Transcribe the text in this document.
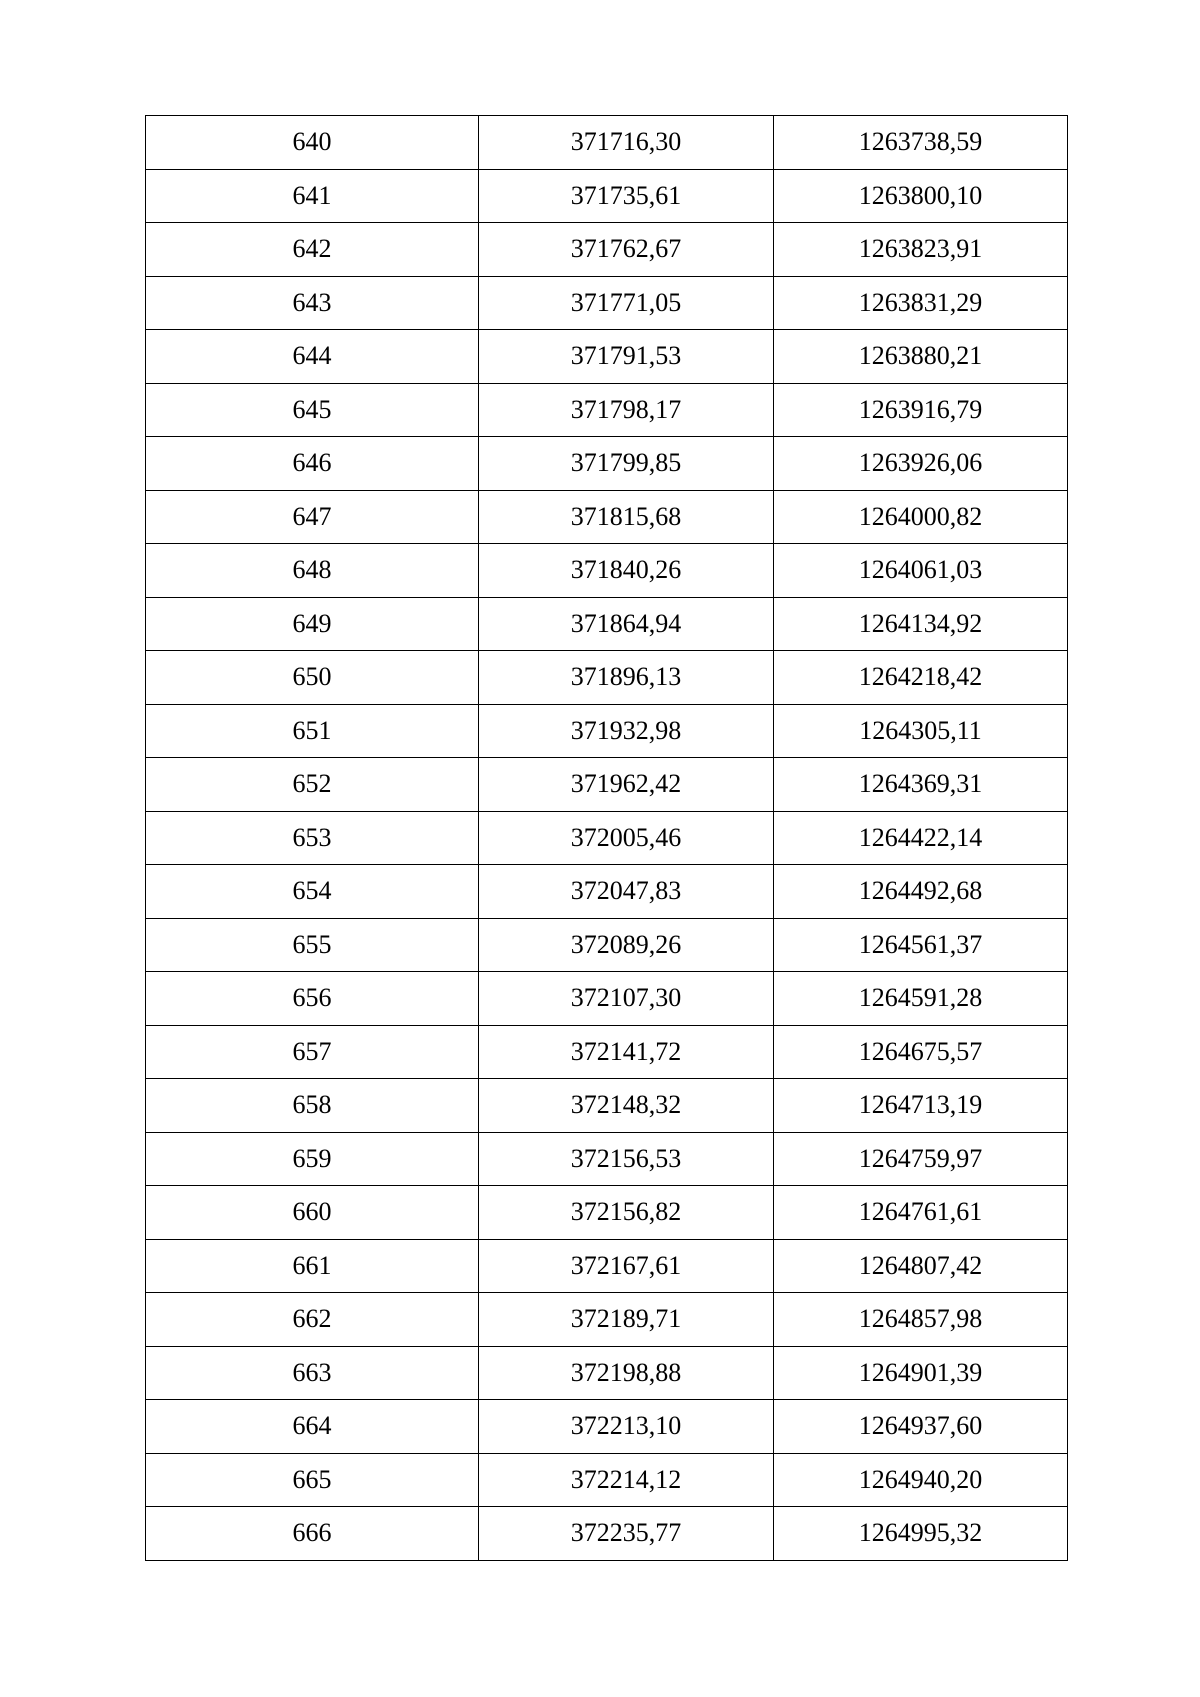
640	371716,30	1263738,59
641	371735,61	1263800,10
642	371762,67	1263823,91
643	371771,05	1263831,29
644	371791,53	1263880,21
645	371798,17	1263916,79
646	371799,85	1263926,06
647	371815,68	1264000,82
648	371840,26	1264061,03
649	371864,94	1264134,92
650	371896,13	1264218,42
651	371932,98	1264305,11
652	371962,42	1264369,31
653	372005,46	1264422,14
654	372047,83	1264492,68
655	372089,26	1264561,37
656	372107,30	1264591,28
657	372141,72	1264675,57
658	372148,32	1264713,19
659	372156,53	1264759,97
660	372156,82	1264761,61
661	372167,61	1264807,42
662	372189,71	1264857,98
663	372198,88	1264901,39
664	372213,10	1264937,60
665	372214,12	1264940,20
666	372235,77	1264995,32
